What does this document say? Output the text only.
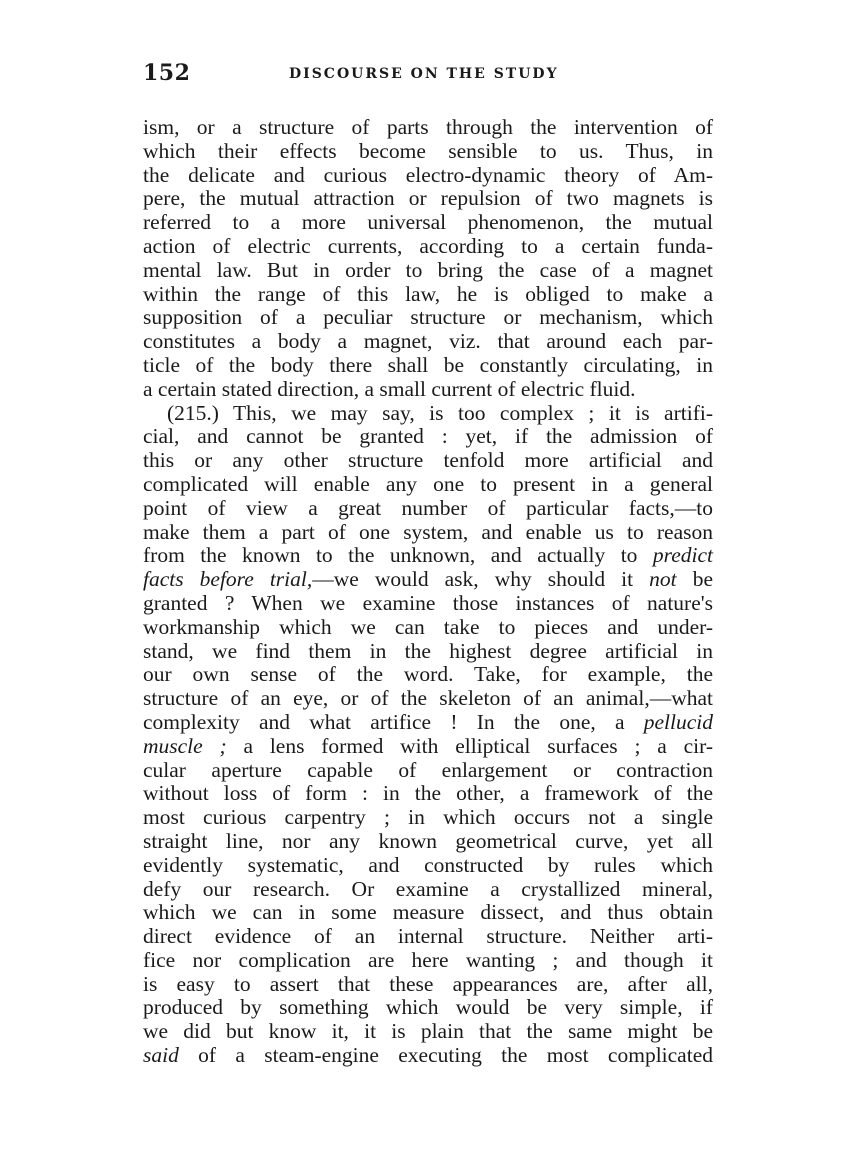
152	DISCOURSE ON THE STUDY
ism, or a structure of parts through the intervention of
which their effects become sensible to us. Thus, in
the delicate and curious electro-dynamic theory of Am-
pere, the mutual attraction or repulsion of two magnets is
referred to a more universal phenomenon, the mutual
action of electric currents, according to a certain funda-
mental law. But in order to bring the case of a magnet
within the range of this law, he is obliged to make a
supposition of a peculiar structure or mechanism, which
constitutes a body a magnet, viz. that around each par-
ticle of the body there shall be constantly circulating, in
a certain stated direction, a small current of electric fluid.
(215.) This, we may say, is too complex ; it is artifi-
cial, and cannot be granted : yet, if the admission of
this or any other structure tenfold more artificial and
complicated will enable any one to present in a general
point of view a great number of particular facts,—to
make them a part of one system, and enable us to reason
from the known to the unknown, and actually to predict
facts before trial,—we would ask, why should it not be
granted ? When we examine those instances of nature's
workmanship which we can take to pieces and under-
stand, we find them in the highest degree artificial in
our own sense of the word. Take, for example, the
structure of an eye, or of the skeleton of an animal,—what
complexity and what artifice ! In the one, a pellucid
muscle ; a lens formed with elliptical surfaces ; a cir-
cular aperture capable of enlargement or contraction
without loss of form : in the other, a framework of the
most curious carpentry ; in which occurs not a single
straight line, nor any known geometrical curve, yet all
evidently systematic, and constructed by rules which
defy our research. Or examine a crystallized mineral,
which we can in some measure dissect, and thus obtain
direct evidence of an internal structure. Neither arti-
fice nor complication are here wanting ; and though it
is easy to assert that these appearances are, after all,
produced by something which would be very simple, if
we did but know it, it is plain that the same might be
said of a steam-engine executing the most complicated
